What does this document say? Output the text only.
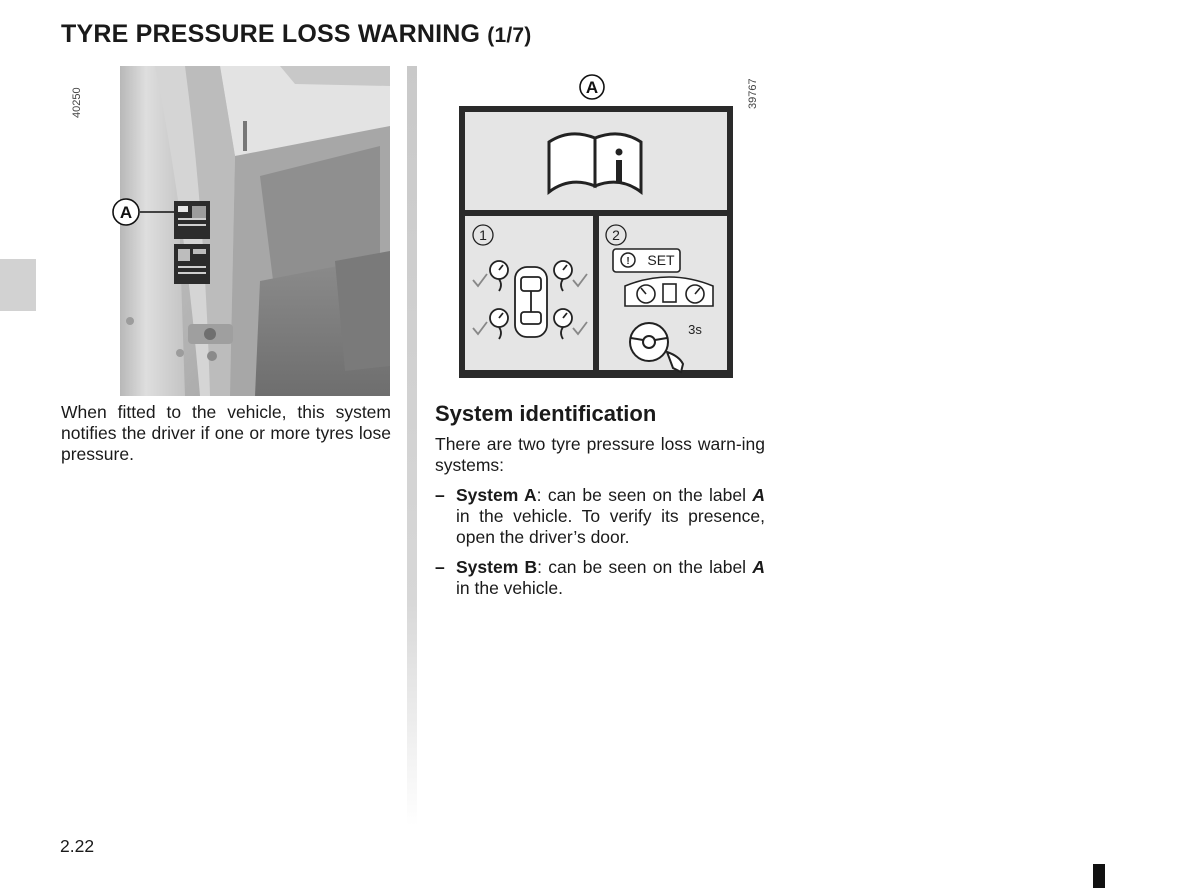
TYRE PRESSURE LOSS WARNING (1/7)
A
40250	A	39767
1	2
! SET
3s

When fitted to the vehicle, this system notifies the driver if one or more tyres lose pressure.

System identification

There are two tyre pressure loss warn-ing systems:

– System A: can be seen on the label A in the vehicle. To verify its presence, open the driver’s door.
– System B: can be seen on the label A in the vehicle.
2.22
